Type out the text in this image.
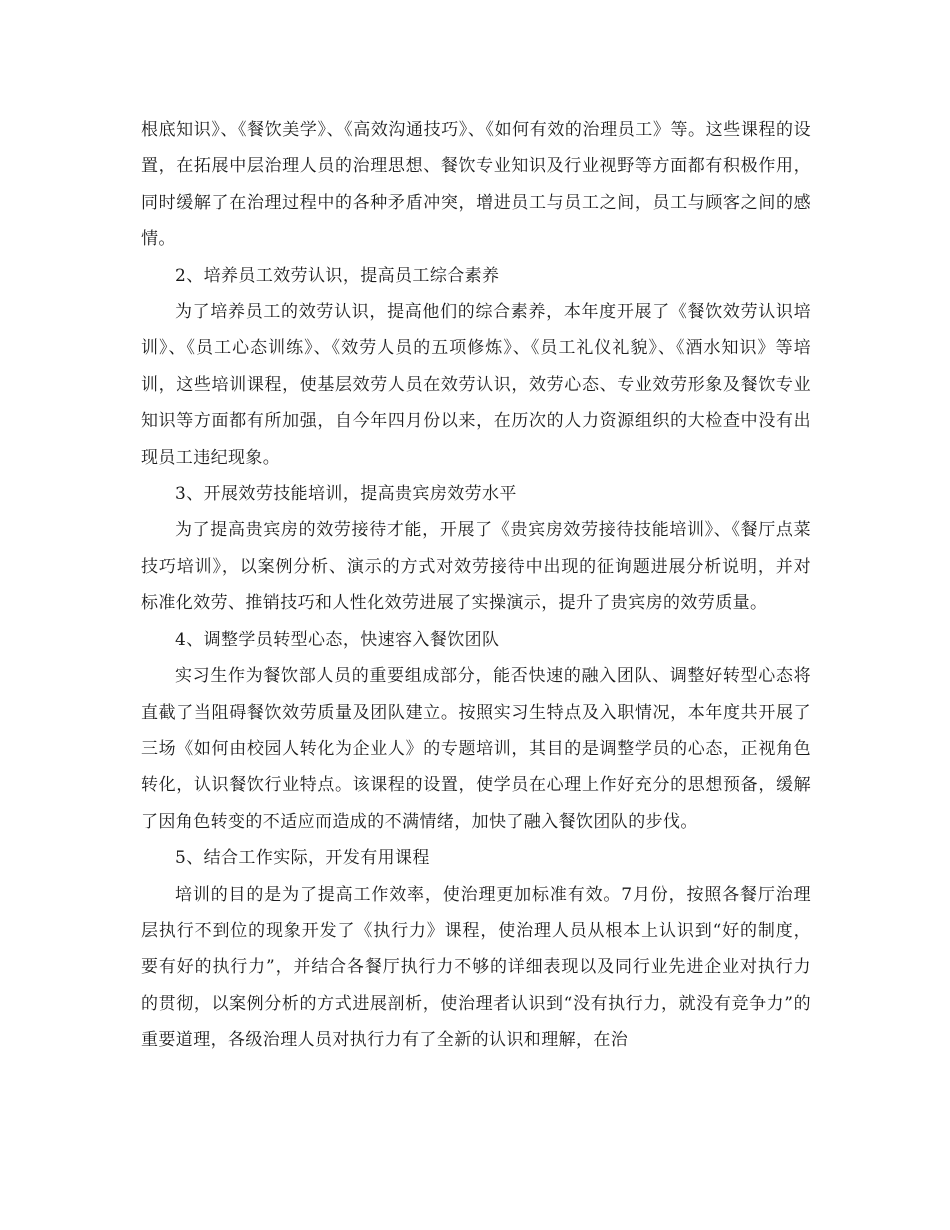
根底知识》、《餐饮美学》、《高效沟通技巧》、《如何有效的治理员工》等。这些课程的设置，在拓展中层治理人员的治理思想、餐饮专业知识及行业视野等方面都有积极作用，同时缓解了在治理过程中的各种矛盾冲突，增进员工与员工之间，员工与顾客之间的感情。

2、培养员工效劳认识，提高员工综合素养

为了培养员工的效劳认识，提高他们的综合素养，本年度开展了《餐饮效劳认识培训》、《员工心态训练》、《效劳人员的五项修炼》、《员工礼仪礼貌》、《酒水知识》等培训，这些培训课程，使基层效劳人员在效劳认识，效劳心态、专业效劳形象及餐饮专业知识等方面都有所加强，自今年四月份以来，在历次的人力资源组织的大检查中没有出现员工违纪现象。

3、开展效劳技能培训，提高贵宾房效劳水平

为了提高贵宾房的效劳接待才能，开展了《贵宾房效劳接待技能培训》、《餐厅点菜技巧培训》，以案例分析、演示的方式对效劳接待中出现的征询题进展分析说明，并对标准化效劳、推销技巧和人性化效劳进展了实操演示，提升了贵宾房的效劳质量。

4、调整学员转型心态，快速容入餐饮团队

实习生作为餐饮部人员的重要组成部分，能否快速的融入团队、调整好转型心态将直截了当阻碍餐饮效劳质量及团队建立。按照实习生特点及入职情况，本年度共开展了三场《如何由校园人转化为企业人》的专题培训，其目的是调整学员的心态，正视角色转化，认识餐饮行业特点。该课程的设置，使学员在心理上作好充分的思想预备，缓解了因角色转变的不适应而造成的不满情绪，加快了融入餐饮团队的步伐。

5、结合工作实际，开发有用课程

培训的目的是为了提高工作效率，使治理更加标准有效。7月份，按照各餐厅治理层执行不到位的现象开发了《执行力》课程，使治理人员从根本上认识到“好的制度，要有好的执行力”，并结合各餐厅执行力不够的详细表现以及同行业先进企业对执行力的贯彻，以案例分析的方式进展剖析，使治理者认识到“没有执行力，就没有竞争力”的重要道理，各级治理人员对执行力有了全新的认识和理解，在治
